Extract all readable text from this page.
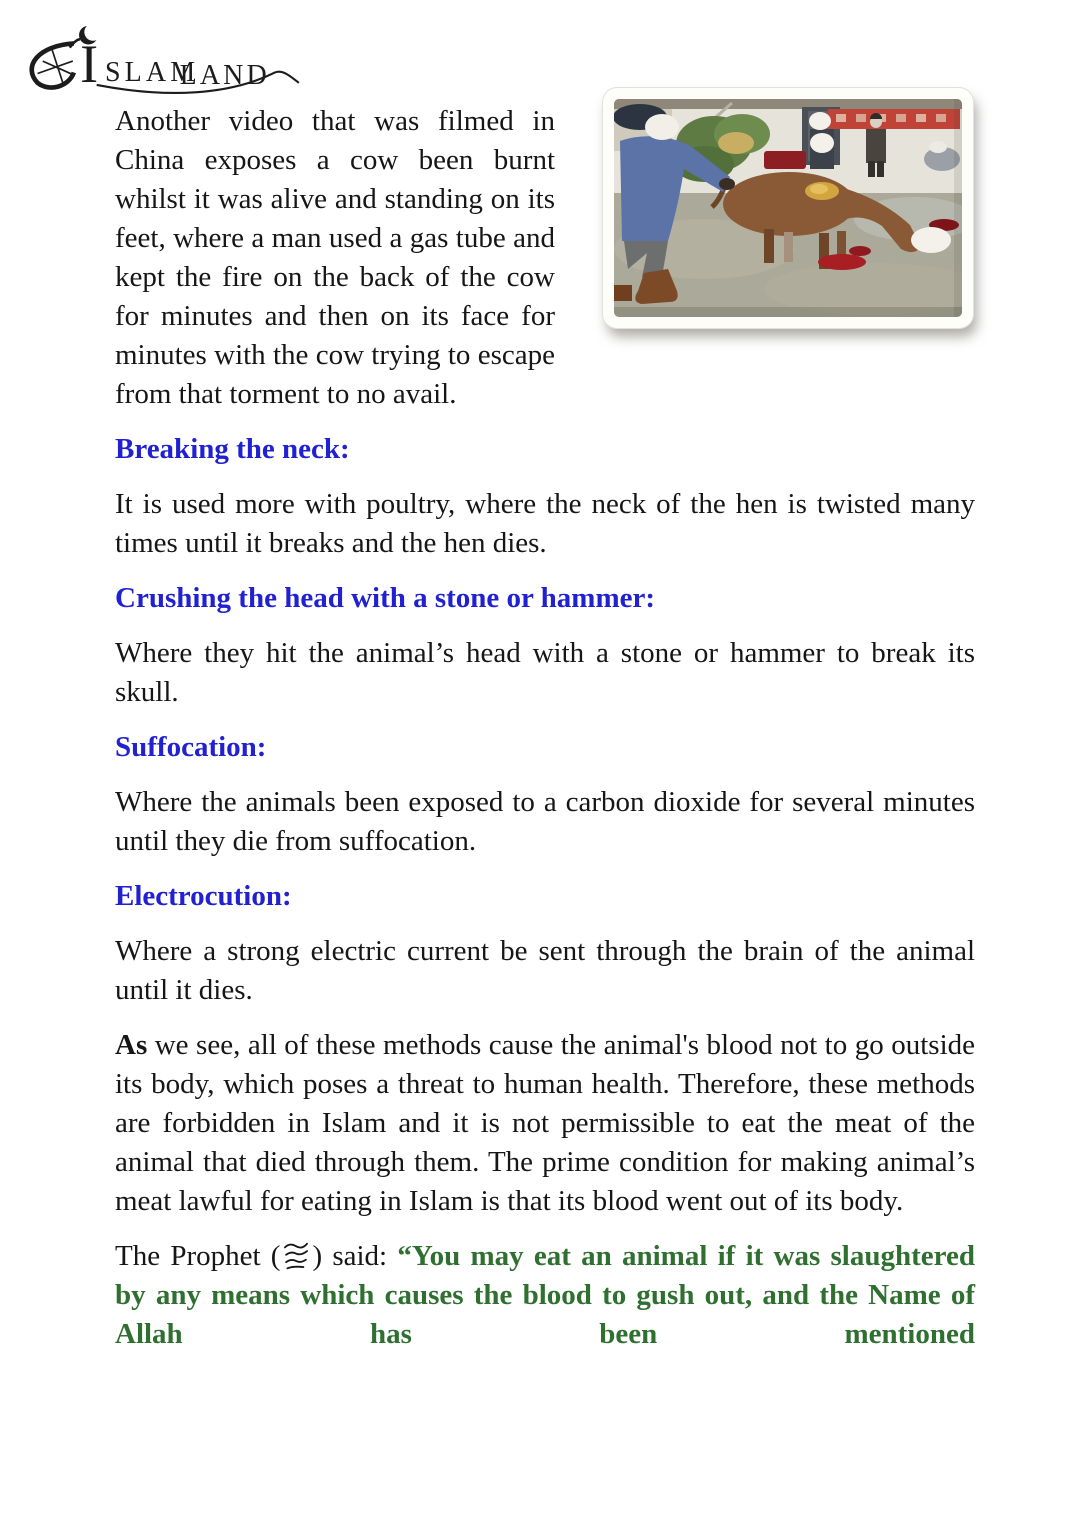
I SLAM
LAND

Another video that was filmed in China exposes a cow been burnt whilst it was alive and standing on its feet, where a man used a gas tube and kept the fire on the back of the cow for minutes and then on its face for minutes with the cow trying to escape from that torment to no avail.

Breaking the neck:

It is used more with poultry, where the neck of the hen is twisted many times until it breaks and the hen dies.

Crushing the head with a stone or hammer:

Where they hit the animal’s head with a stone or hammer to break its skull.

Suffocation:

Where the animals been exposed to a carbon dioxide for several minutes until they die from suffocation.

Electrocution:

Where a strong electric current be sent through the brain of the animal until it dies.

As we see, all of these methods cause the animal's blood not to go outside its body, which poses a threat to human health. Therefore, these methods are forbidden in Islam and it is not permissible to eat the meat of the animal that died through them. The prime condition for making animal’s meat lawful for eating in Islam is that its blood went out of its body.

The Prophet ( ) said: “You may eat an animal if it was slaughtered by any means which causes the blood to gush out, and the Name of Allah has been mentioned
